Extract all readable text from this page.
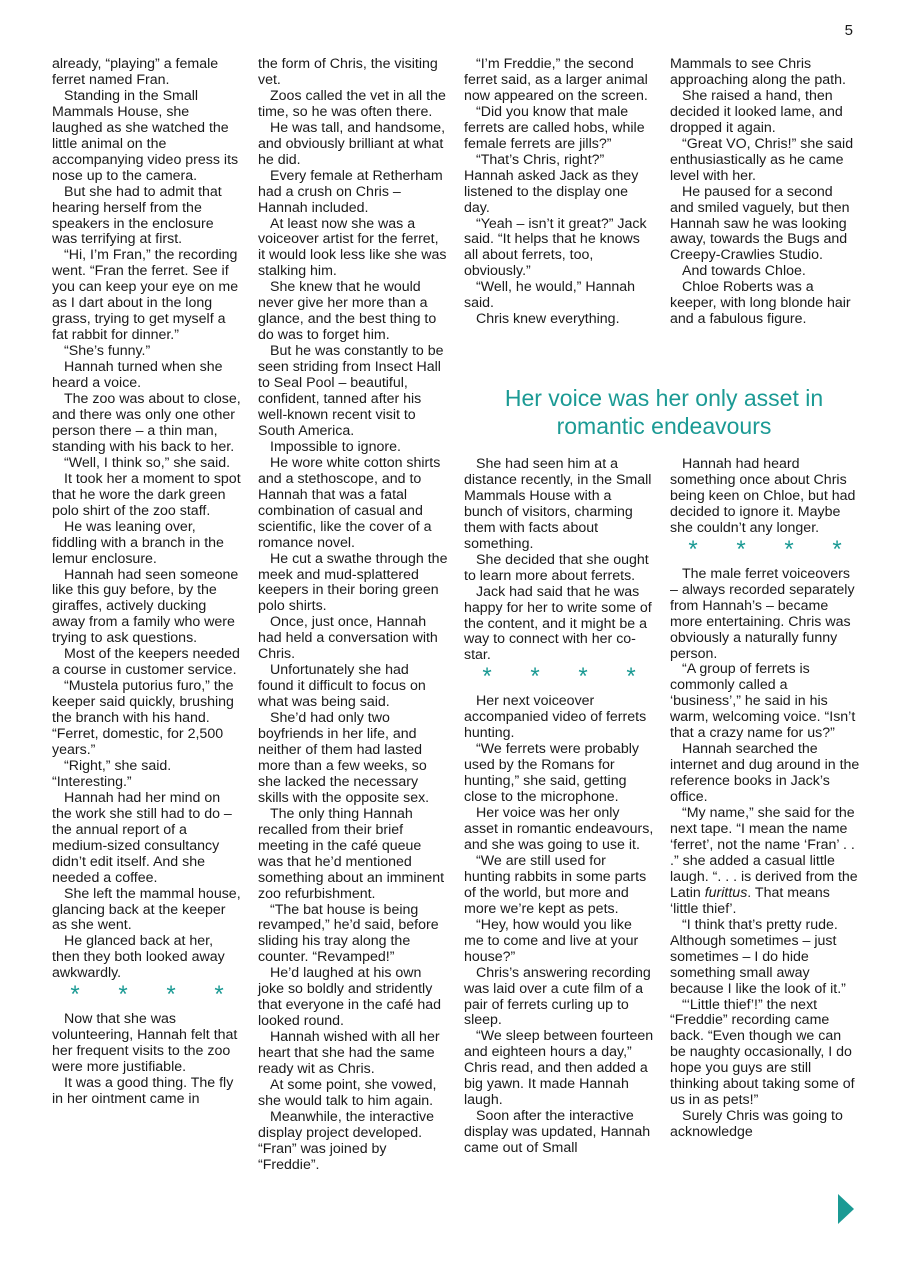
5

already, “playing” a female ferret named Fran.

Standing in the Small Mammals House, she laughed as she watched the little animal on the accompanying video press its nose up to the camera.

But she had to admit that hearing herself from the speakers in the enclosure was terrifying at first.

“Hi, I’m Fran,” the recording went. “Fran the ferret. See if you can keep your eye on me as I dart about in the long grass, trying to get myself a fat rabbit for dinner.”

“She’s funny.”

Hannah turned when she heard a voice.

The zoo was about to close, and there was only one other person there – a thin man, standing with his back to her.

“Well, I think so,” she said.

It took her a moment to spot that he wore the dark green polo shirt of the zoo staff.

He was leaning over, fiddling with a branch in the lemur enclosure.

Hannah had seen someone like this guy before, by the giraffes, actively ducking away from a family who were trying to ask questions.

Most of the keepers needed a course in customer service.

“Mustela putorius furo,” the keeper said quickly, brushing the branch with his hand. “Ferret, domestic, for 2,500 years.”

“Right,” she said. “Interesting.”

Hannah had her mind on the work she still had to do – the annual report of a medium-sized consultancy didn’t edit itself. And she needed a coffee.

She left the mammal house, glancing back at the keeper as she went.

He glanced back at her, then they both looked away awkwardly.

* * * *

Now that she was volunteering, Hannah felt that her frequent visits to the zoo were more justifiable.

It was a good thing. The fly in her ointment came in

the form of Chris, the visiting vet.

Zoos called the vet in all the time, so he was often there.

He was tall, and handsome, and obviously brilliant at what he did.

Every female at Retherham had a crush on Chris – Hannah included.

At least now she was a voiceover artist for the ferret, it would look less like she was stalking him.

She knew that he would never give her more than a glance, and the best thing to do was to forget him.

But he was constantly to be seen striding from Insect Hall to Seal Pool – beautiful, confident, tanned after his well-known recent visit to South America.

Impossible to ignore.

He wore white cotton shirts and a stethoscope, and to Hannah that was a fatal combination of casual and scientific, like the cover of a romance novel.

He cut a swathe through the meek and mud-splattered keepers in their boring green polo shirts.

Once, just once, Hannah had held a conversation with Chris.

Unfortunately she had found it difficult to focus on what was being said.

She’d had only two boyfriends in her life, and neither of them had lasted more than a few weeks, so she lacked the necessary skills with the opposite sex.

The only thing Hannah recalled from their brief meeting in the café queue was that he’d mentioned something about an imminent zoo refurbishment.

“The bat house is being revamped,” he’d said, before sliding his tray along the counter. “Revamped!”

He’d laughed at his own joke so boldly and stridently that everyone in the café had looked round.

Hannah wished with all her heart that she had the same ready wit as Chris.

At some point, she vowed, she would talk to him again.

Meanwhile, the interactive display project developed. “Fran” was joined by “Freddie”.

“I’m Freddie,” the second ferret said, as a larger animal now appeared on the screen.

“Did you know that male ferrets are called hobs, while female ferrets are jills?”

“That’s Chris, right?” Hannah asked Jack as they listened to the display one day.

“Yeah – isn’t it great?” Jack said. “It helps that he knows all about ferrets, too, obviously.”

“Well, he would,” Hannah said.

Chris knew everything.

Mammals to see Chris approaching along the path.

She raised a hand, then decided it looked lame, and dropped it again.

“Great VO, Chris!” she said enthusiastically as he came level with her.

He paused for a second and smiled vaguely, but then Hannah saw he was looking away, towards the Bugs and Creepy-Crawlies Studio.

And towards Chloe.

Chloe Roberts was a keeper, with long blonde hair and a fabulous figure.

Her voice was her only asset in romantic endeavours

She had seen him at a distance recently, in the Small Mammals House with a bunch of visitors, charming them with facts about something.

She decided that she ought to learn more about ferrets.

Jack had said that he was happy for her to write some of the content, and it might be a way to connect with her co-star.

* * * *

Her next voiceover accompanied video of ferrets hunting.

“We ferrets were probably used by the Romans for hunting,” she said, getting close to the microphone.

Her voice was her only asset in romantic endeavours, and she was going to use it.

“We are still used for hunting rabbits in some parts of the world, but more and more we’re kept as pets.

“Hey, how would you like me to come and live at your house?”

Chris’s answering recording was laid over a cute film of a pair of ferrets curling up to sleep.

“We sleep between fourteen and eighteen hours a day,” Chris read, and then added a big yawn. It made Hannah laugh.

Soon after the interactive display was updated, Hannah came out of Small

Hannah had heard something once about Chris being keen on Chloe, but had decided to ignore it. Maybe she couldn’t any longer.

* * * *

The male ferret voiceovers – always recorded separately from Hannah’s – became more entertaining. Chris was obviously a naturally funny person.

“A group of ferrets is commonly called a ‘business’,” he said in his warm, welcoming voice. “Isn’t that a crazy name for us?”

Hannah searched the internet and dug around in the reference books in Jack’s office.

“My name,” she said for the next tape. “I mean the name ‘ferret’, not the name ‘Fran’ . . .” she added a casual little laugh. “. . . is derived from the Latin furittus. That means ‘little thief’.

“I think that’s pretty rude. Although sometimes – just sometimes – I do hide something small away because I like the look of it.”

“‘Little thief’!” the next “Freddie” recording came back. “Even though we can be naughty occasionally, I do hope you guys are still thinking about taking some of us in as pets!”

Surely Chris was going to acknowledge
